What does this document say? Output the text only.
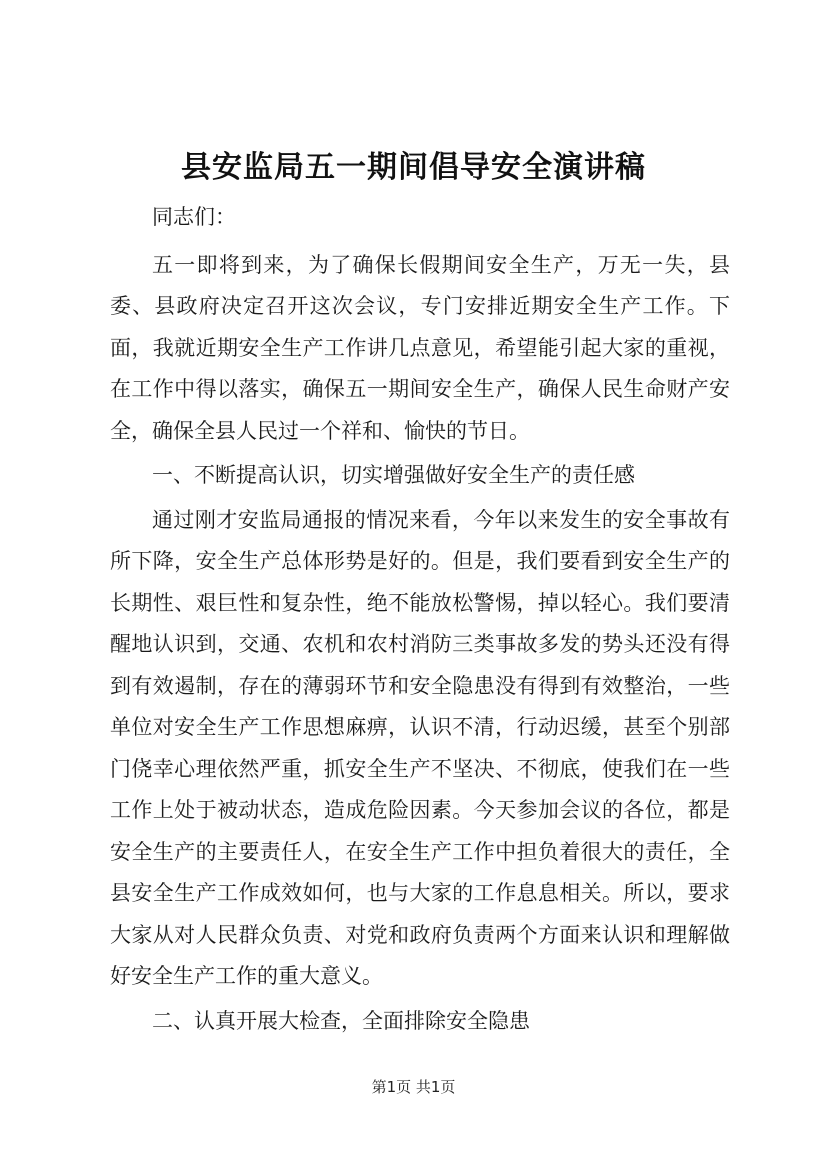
县安监局五一期间倡导安全演讲稿

同志们：

五一即将到来，为了确保长假期间安全生产，万无一失，县委、县政府决定召开这次会议，专门安排近期安全生产工作。下面，我就近期安全生产工作讲几点意见，希望能引起大家的重视，在工作中得以落实，确保五一期间安全生产，确保人民生命财产安全，确保全县人民过一个祥和、愉快的节日。

一、不断提高认识，切实增强做好安全生产的责任感

通过刚才安监局通报的情况来看，今年以来发生的安全事故有所下降，安全生产总体形势是好的。但是，我们要看到安全生产的长期性、艰巨性和复杂性，绝不能放松警惕，掉以轻心。我们要清醒地认识到，交通、农机和农村消防三类事故多发的势头还没有得到有效遏制，存在的薄弱环节和安全隐患没有得到有效整治，一些单位对安全生产工作思想麻痹，认识不清，行动迟缓，甚至个别部门侥幸心理依然严重，抓安全生产不坚决、不彻底，使我们在一些工作上处于被动状态，造成危险因素。今天参加会议的各位，都是安全生产的主要责任人，在安全生产工作中担负着很大的责任，全县安全生产工作成效如何，也与大家的工作息息相关。所以，要求大家从对人民群众负责、对党和政府负责两个方面来认识和理解做好安全生产工作的重大意义。

二、认真开展大检查，全面排除安全隐患

第1页 共1页
